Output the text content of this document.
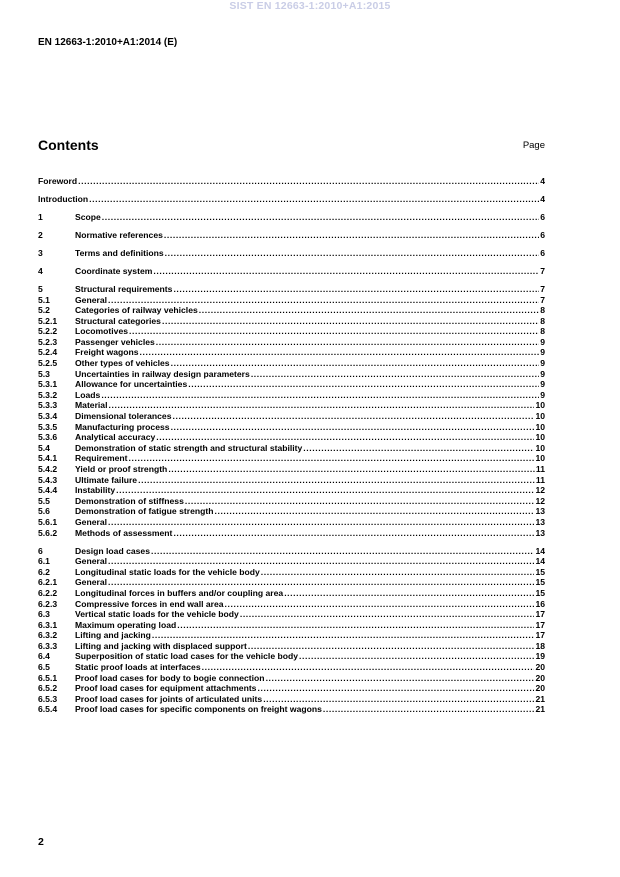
SIST EN 12663-1:2010+A1:2015
EN 12663-1:2010+A1:2014 (E)
Contents	Page
Foreword .....	4
Introduction .....	4
1	Scope .....	6
2	Normative references .....	6
3	Terms and definitions .....	6
4	Coordinate system .....	7
5	Structural requirements .....	7
5.1	General .....	7
5.2	Categories of railway vehicles .....	8
5.2.1	Structural categories .....	8
5.2.2	Locomotives .....	8
5.2.3	Passenger vehicles .....	9
5.2.4	Freight wagons .....	9
5.2.5	Other types of vehicles .....	9
5.3	Uncertainties in railway design parameters .....	9
5.3.1	Allowance for uncertainties .....	9
5.3.2	Loads .....	9
5.3.3	Material .....	10
5.3.4	Dimensional tolerances .....	10
5.3.5	Manufacturing process .....	10
5.3.6	Analytical accuracy .....	10
5.4	Demonstration of static strength and structural stability .....	10
5.4.1	Requirement .....	10
5.4.2	Yield or proof strength .....	11
5.4.3	Ultimate failure .....	11
5.4.4	Instability .....	12
5.5	Demonstration of stiffness .....	12
5.6	Demonstration of fatigue strength .....	13
5.6.1	General .....	13
5.6.2	Methods of assessment .....	13
6	Design load cases .....	14
6.1	General .....	14
6.2	Longitudinal static loads for the vehicle body .....	15
6.2.1	General .....	15
6.2.2	Longitudinal forces in buffers and/or coupling area .....	15
6.2.3	Compressive forces in end wall area .....	16
6.3	Vertical static loads for the vehicle body .....	17
6.3.1	Maximum operating load .....	17
6.3.2	Lifting and jacking .....	17
6.3.3	Lifting and jacking with displaced support .....	18
6.4	Superposition of static load cases for the vehicle body .....	19
6.5	Static proof loads at interfaces .....	20
6.5.1	Proof load cases for body to bogie connection .....	20
6.5.2	Proof load cases for equipment attachments .....	20
6.5.3	Proof load cases for joints of articulated units .....	21
6.5.4	Proof load cases for specific components on freight wagons .....	21
2
